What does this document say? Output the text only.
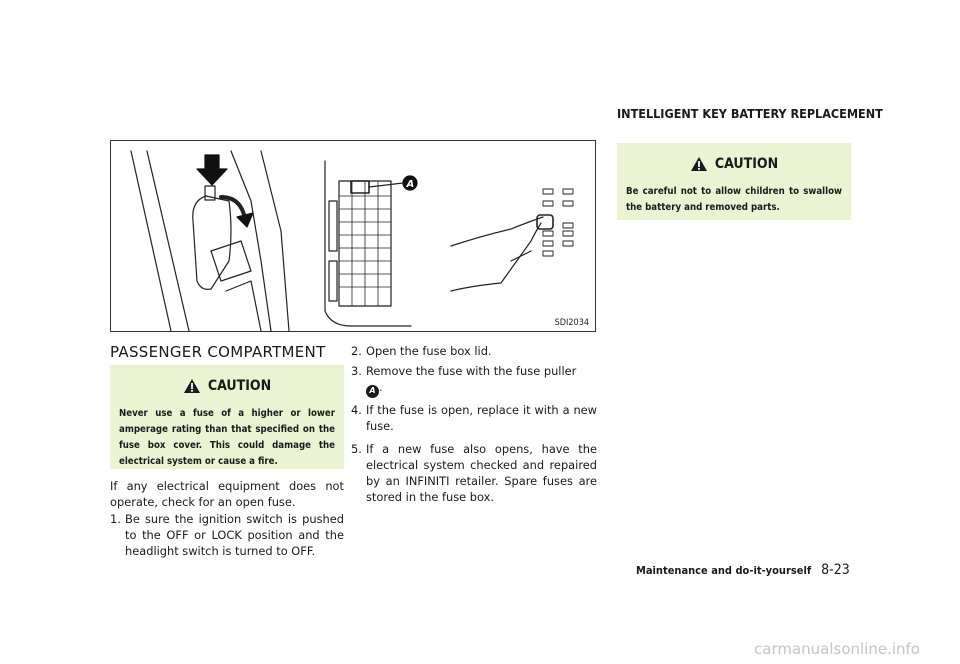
A
SDI2034
PASSENGER COMPARTMENT
CAUTION

Never use a fuse of a higher or lower amperage rating than that specified on the fuse box cover. This could damage the electrical system or cause a fire.

If any electrical equipment does not operate, check for an open fuse.

1. Be sure the ignition switch is pushed to the OFF or LOCK position and the headlight switch is turned to OFF.
2. Open the fuse box lid.
3. Remove the fuse with the fuse puller
A .
4. If the fuse is open, replace it with a new fuse.
5. If a new fuse also opens, have the electrical system checked and repaired by an INFINITI retailer. Spare fuses are stored in the fuse box.
INTELLIGENT KEY BATTERY REPLACEMENT
CAUTION

Be careful not to allow children to swallow the battery and removed parts.

Maintenance and do-it-yourself 8-23
carmanualsonline.info
